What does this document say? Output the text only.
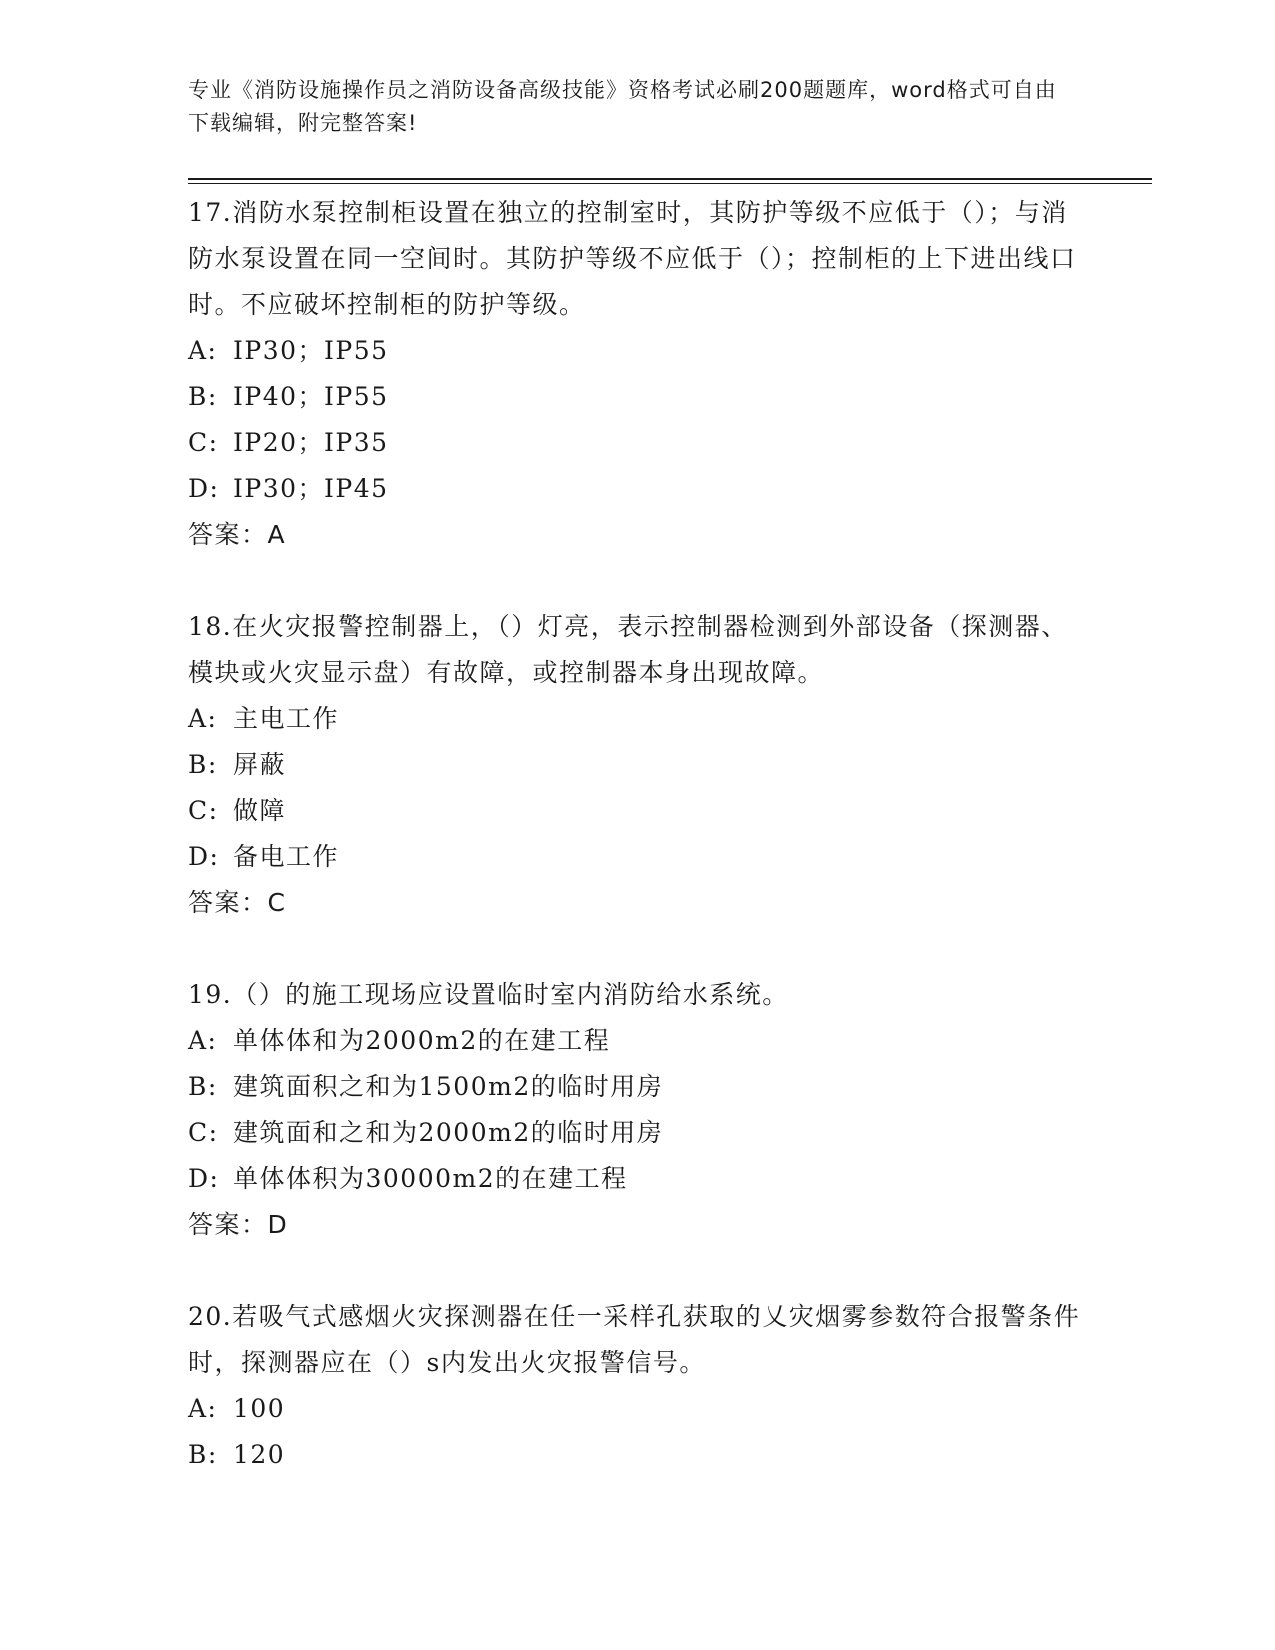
专业《消防设施操作员之消防设备高级技能》资格考试必刷200题题库，word格式可自由下载编辑，附完整答案!

17.消防水泵控制柜设置在独立的控制室时，其防护等级不应低于（）；与消防水泵设置在同一空间时。其防护等级不应低于（）；控制柜的上下进出线口时。不应破坏控制柜的防护等级。

A: IP30；IP55

B: IP40；IP55

C: IP20；IP35

D: IP30；IP45

答案：A

18.在火灾报警控制器上，（）灯亮，表示控制器检测到外部设备（探测器、模块或火灾显示盘）有故障，或控制器本身出现故障。

A: 主电工作

B: 屏蔽

C: 做障

D: 备电工作

答案：C

19.（）的施工现场应设置临时室内消防给水系统。

A: 单体体和为2000m2的在建工程

B: 建筑面积之和为1500m2的临时用房

C: 建筑面和之和为2000m2的临时用房

D: 单体体积为30000m2的在建工程

答案：D

20.若吸气式感烟火灾探测器在任一采样孔获取的乂灾烟雾参数符合报警条件时，探测器应在（）s内发出火灾报警信号。

A: 100

B: 120
